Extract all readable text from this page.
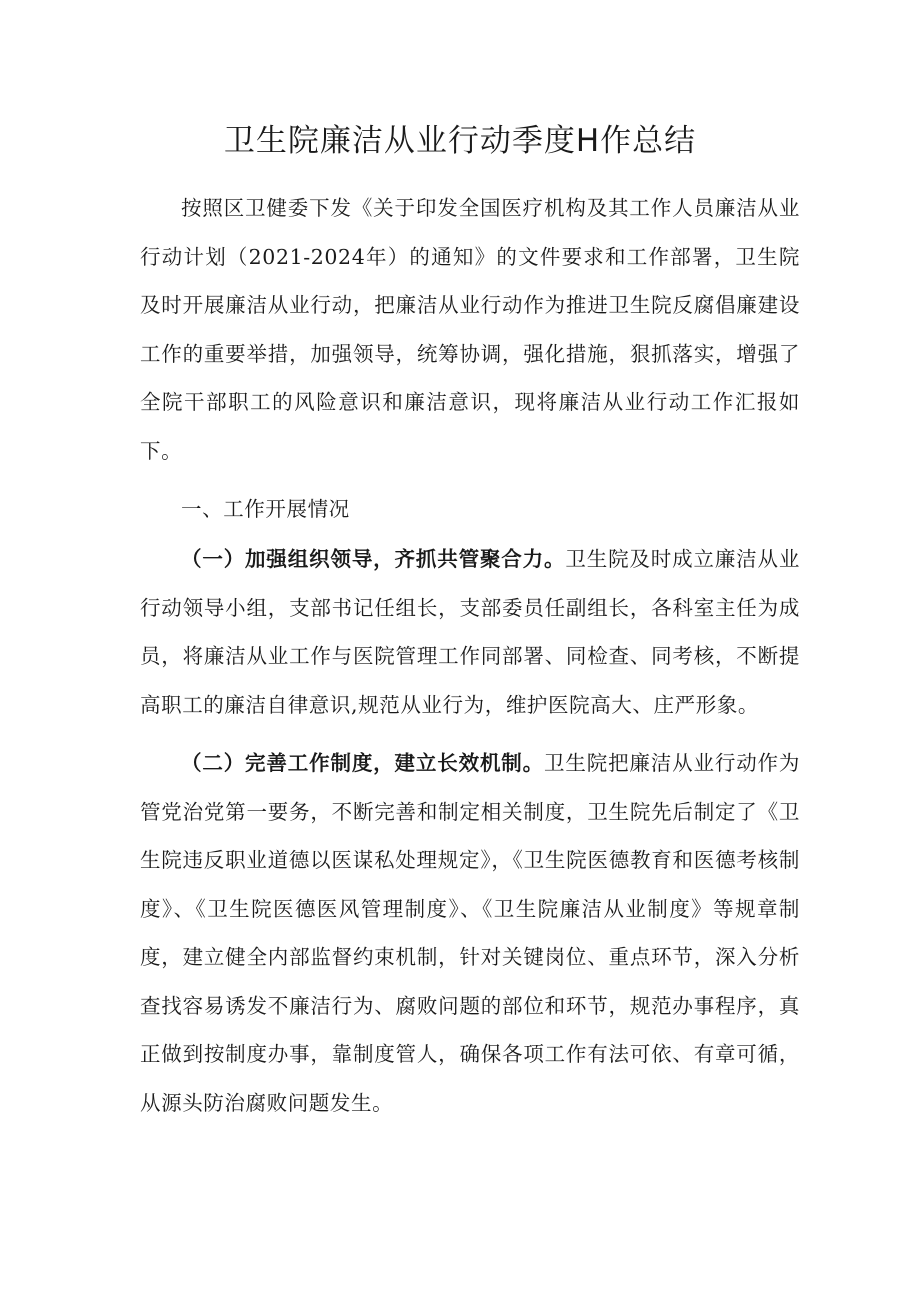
卫生院廉洁从业行动季度H作总结

按照区卫健委下发《关于印发全国医疗机构及其工作人员廉洁从业行动计划（2021-2024年）的通知》的文件要求和工作部署，卫生院及时开展廉洁从业行动，把廉洁从业行动作为推进卫生院反腐倡廉建设工作的重要举措，加强领导，统筹协调，强化措施，狠抓落实，增强了全院干部职工的风险意识和廉洁意识，现将廉洁从业行动工作汇报如下。

一、工作开展情况

（一）加强组织领导，齐抓共管聚合力。卫生院及时成立廉洁从业行动领导小组，支部书记任组长，支部委员任副组长，各科室主任为成员，将廉洁从业工作与医院管理工作同部署、同检查、同考核，不断提高职工的廉洁自律意识,规范从业行为，维护医院高大、庄严形象。

（二）完善工作制度，建立长效机制。卫生院把廉洁从业行动作为管党治党第一要务，不断完善和制定相关制度，卫生院先后制定了《卫生院违反职业道德以医谋私处理规定》，《卫生院医德教育和医德考核制度》、《卫生院医德医风管理制度》、《卫生院廉洁从业制度》等规章制度，建立健全内部监督约束机制，针对关键岗位、重点环节，深入分析查找容易诱发不廉洁行为、腐败问题的部位和环节，规范办事程序，真正做到按制度办事，靠制度管人，确保各项工作有法可依、有章可循，从源头防治腐败问题发生。
